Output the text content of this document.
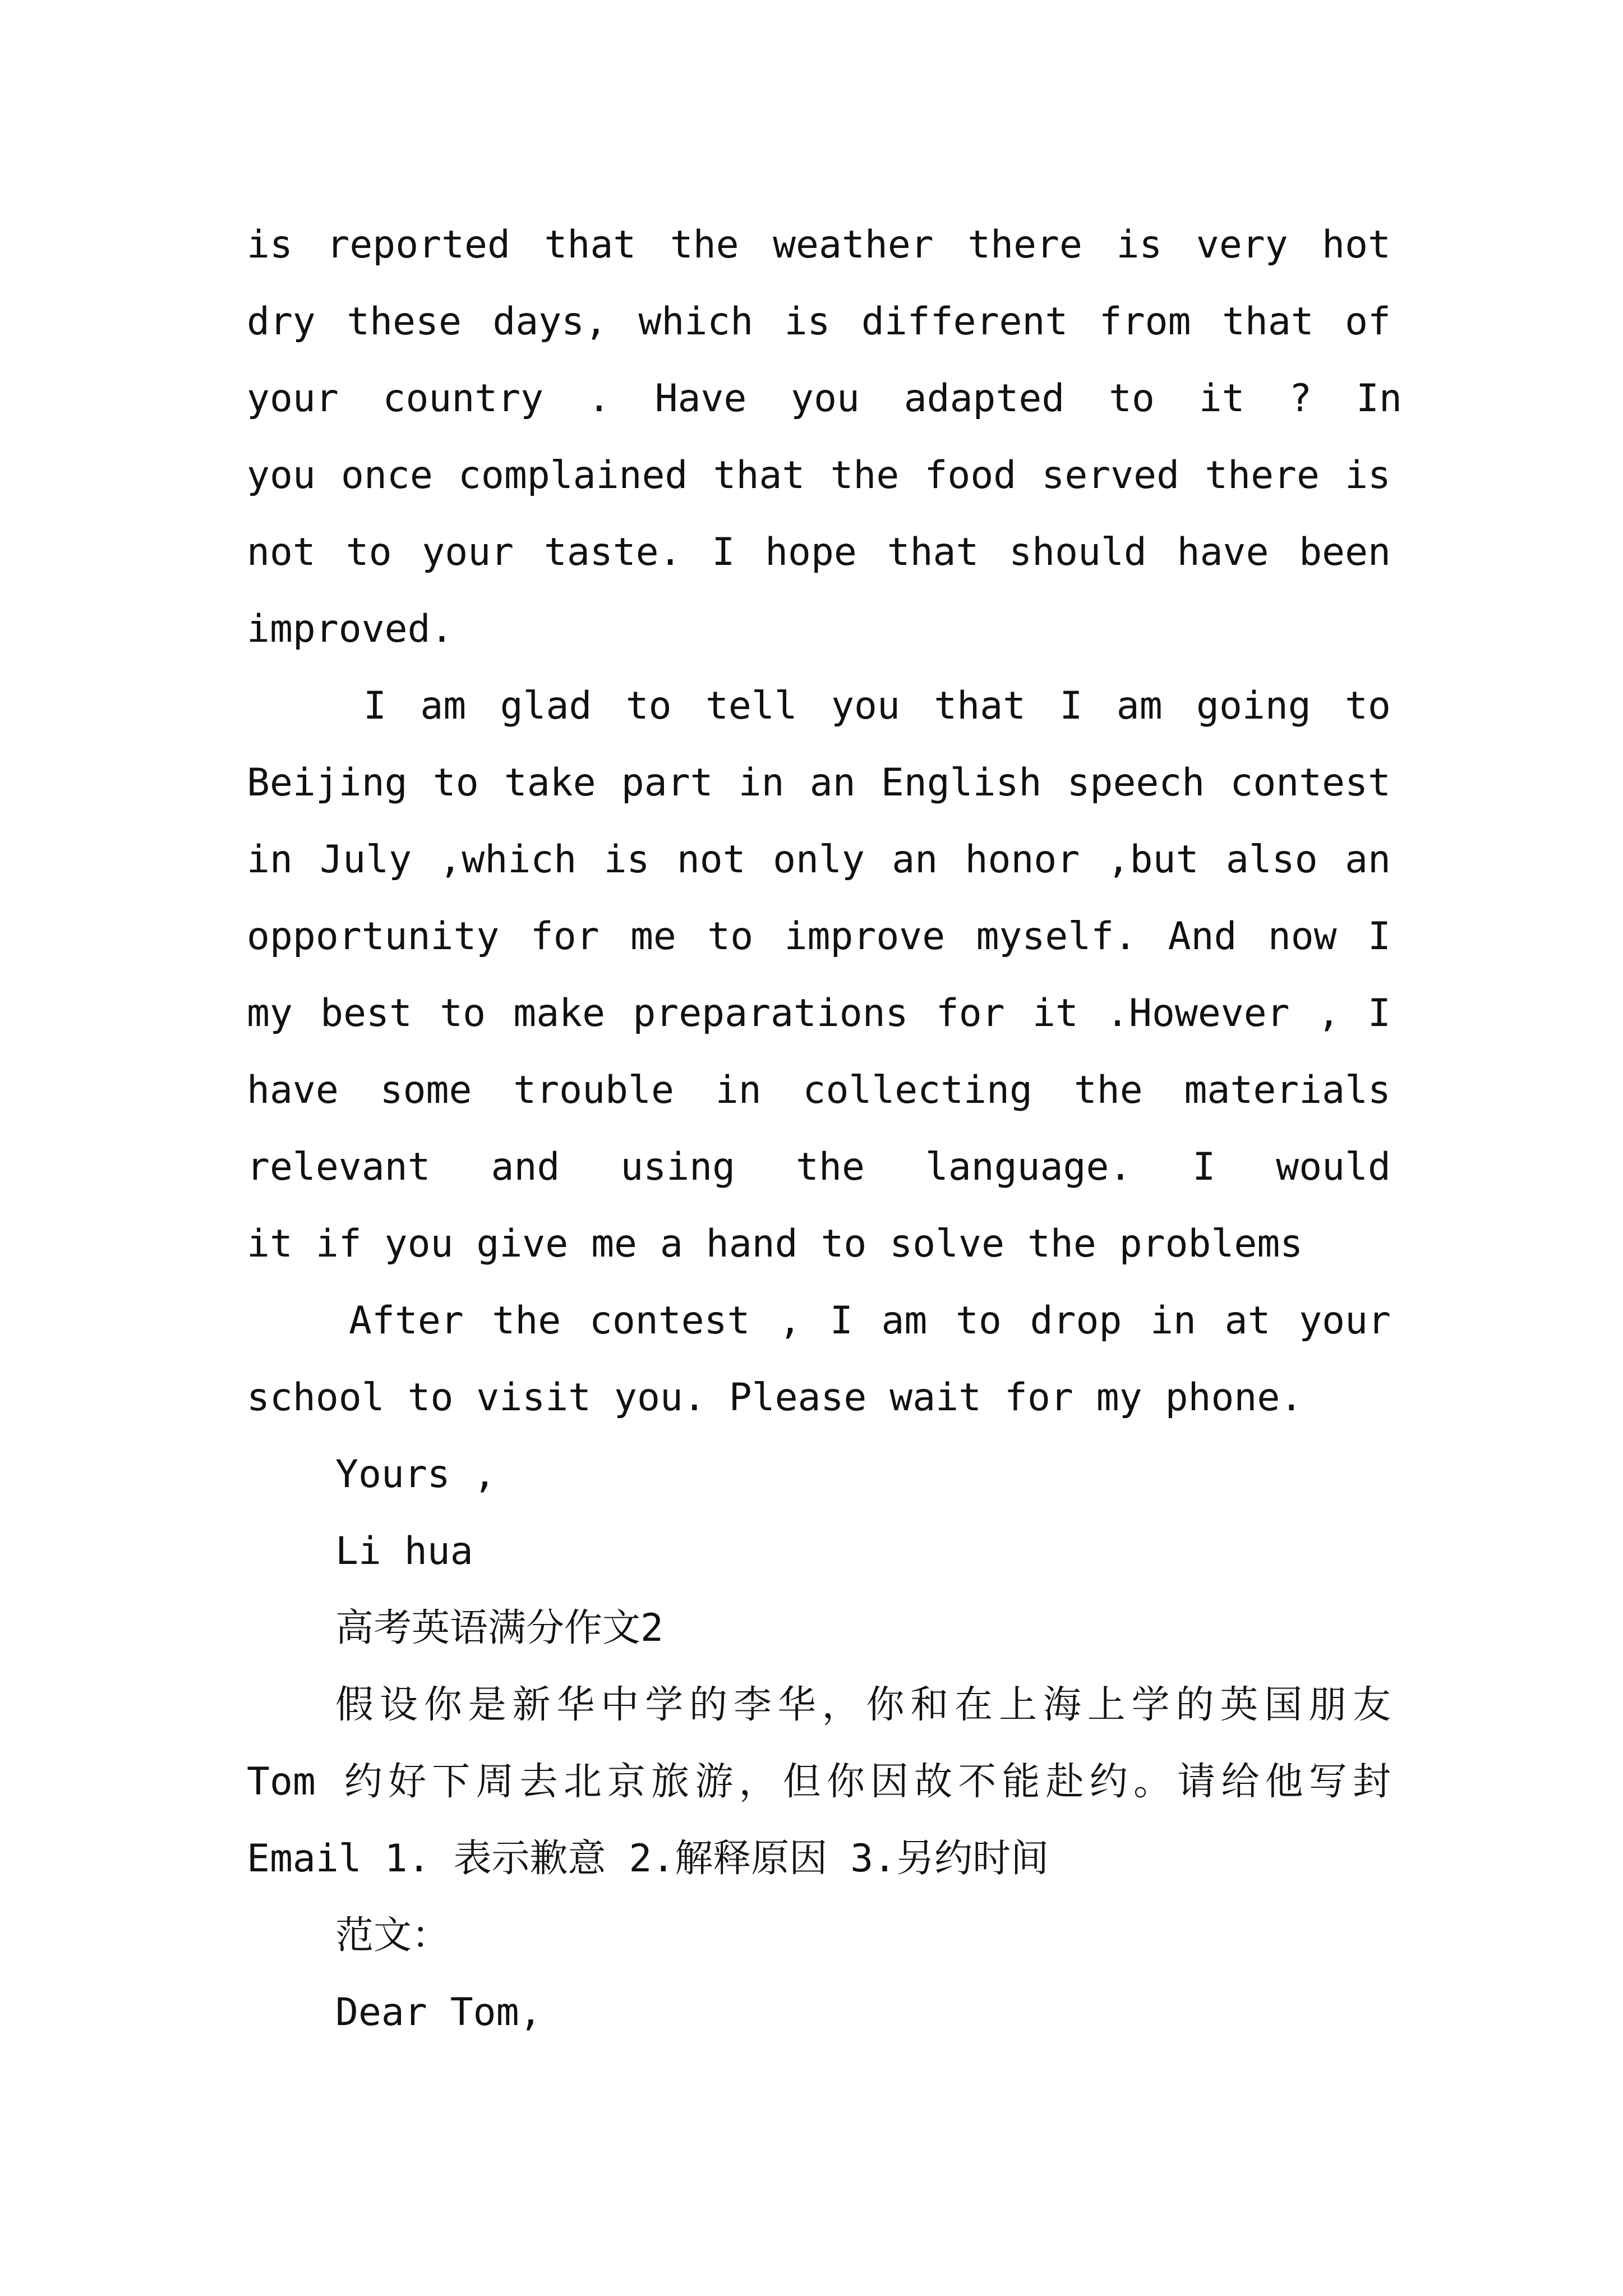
is reported that the weather there is very hot
dry these days, which is different from that of
your country . Have you adapted to it ? In
you once complained that the food served there is
not to your taste. I hope that should have been
improved.
I am glad to tell you that I am going to
Beijing to take part in an English speech contest
in July ,which is not only an honor ,but also an
opportunity for me to improve myself. And now I
my best to make preparations for it .However , I
have some trouble in collecting the materials
relevant and using the language. I would
it if you give me a hand to solve the problems
After the contest , I am to drop in at your
school to visit you. Please wait for my phone.
Yours ,
Li hua
高考英语满分作文2
假设你是新华中学的李华，你和在上海上学的英国朋友
Tom 约好下周去北京旅游，但你因故不能赴约。请给他写封
Email 1. 表示歉意 2.解释原因 3.另约时间
范文：
Dear Tom,
